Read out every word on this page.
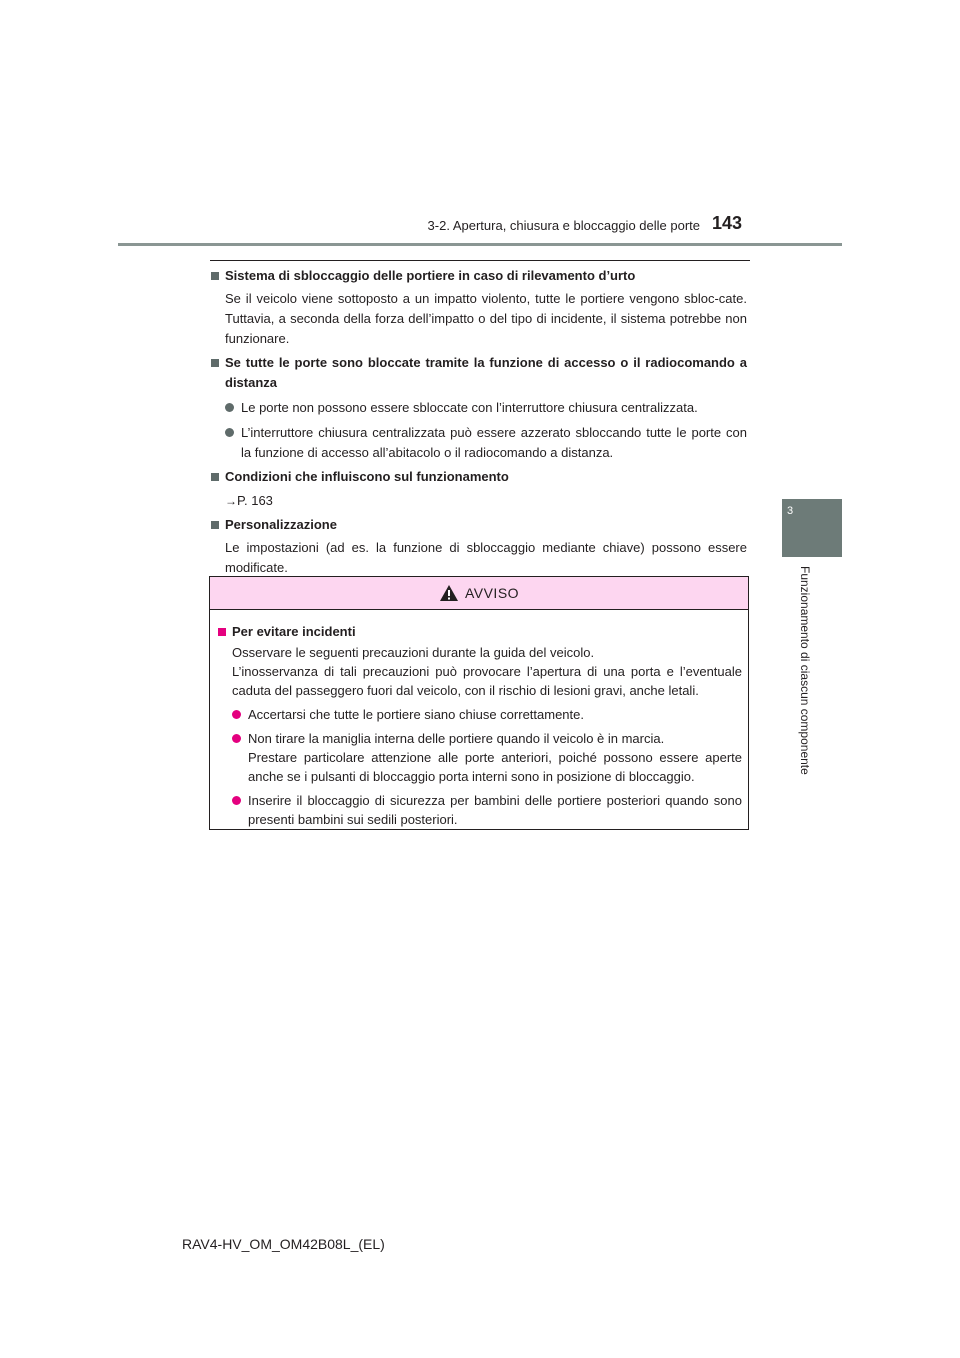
3-2. Apertura, chiusura e bloccaggio delle porte 143
3
Funzionamento di ciascun componente
Sistema di sbloccaggio delle portiere in caso di rilevamento d’urto
Se il veicolo viene sottoposto a un impatto violento, tutte le portiere vengono sbloc-cate. Tuttavia, a seconda della forza dell’impatto o del tipo di incidente, il sistema potrebbe non funzionare.
Se tutte le porte sono bloccate tramite la funzione di accesso o il radiocomando a distanza
Le porte non possono essere sbloccate con l’interruttore chiusura centralizzata.
L’interruttore chiusura centralizzata può essere azzerato sbloccando tutte le porte con la funzione di accesso all’abitacolo o il radiocomando a distanza.
Condizioni che influiscono sul funzionamento
→P. 163
Personalizzazione
Le impostazioni (ad es. la funzione di sbloccaggio mediante chiave) possono essere modificate.

AVVISO
Per evitare incidenti
Osservare le seguenti precauzioni durante la guida del veicolo.
L’inosservanza di tali precauzioni può provocare l’apertura di una porta e l’eventuale caduta del passeggero fuori dal veicolo, con il rischio di lesioni gravi, anche letali.
Accertarsi che tutte le portiere siano chiuse correttamente.
Non tirare la maniglia interna delle portiere quando il veicolo è in marcia.
Prestare particolare attenzione alle porte anteriori, poiché possono essere aperte anche se i pulsanti di bloccaggio porta interni sono in posizione di bloccaggio.
Inserire il bloccaggio di sicurezza per bambini delle portiere posteriori quando sono presenti bambini sui sedili posteriori.
RAV4-HV_OM_OM42B08L_(EL)
